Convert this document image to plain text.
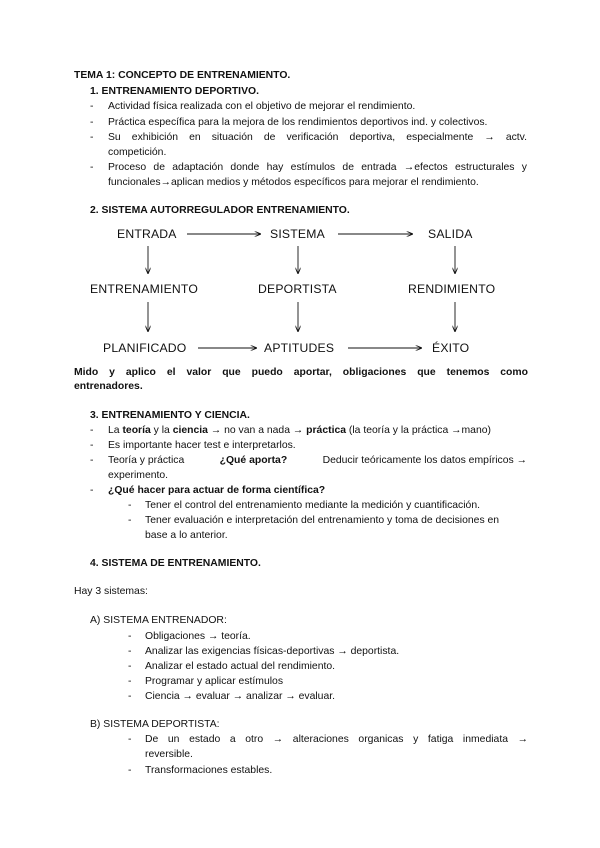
TEMA 1: CONCEPTO DE ENTRENAMIENTO.
1. ENTRENAMIENTO DEPORTIVO.
- Actividad física realizada con el objetivo de mejorar el rendimiento.
- Práctica específica para la mejora de los rendimientos deportivos ind. y colectivos.
- Su exhibición en situación de verificación deportiva, especialmente → actv.
competición.
- Proceso de adaptación donde hay estímulos de entrada →efectos estructurales y
funcionales→aplican medios y métodos específicos para mejorar el rendimiento.
2. SISTEMA AUTORREGULADOR ENTRENAMIENTO.
ENTRADA	SISTEMA	SALIDA
ENTRENAMIENTO	DEPORTISTA	RENDIMIENTO
PLANIFICADO	APTITUDES	ÉXITO
Mido y aplico el valor que puedo aportar, obligaciones que tenemos como
entrenadores.
3. ENTRENAMIENTO Y CIENCIA.
- La teoría y la ciencia → no van a nada → práctica (la teoría y la práctica →mano)
- Es importante hacer test e interpretarlos.
- Teoría y práctica	¿Qué aporta?	Deducir teóricamente los datos empíricos →
experimento.
- ¿Qué hacer para actuar de forma científica?
- Tener el control del entrenamiento mediante la medición y cuantificación.
- Tener evaluación e interpretación del entrenamiento y toma de decisiones en
base a lo anterior.
4. SISTEMA DE ENTRENAMIENTO.
Hay 3 sistemas:
A) SISTEMA ENTRENADOR:
- Obligaciones → teoría.
- Analizar las exigencias físicas-deportivas → deportista.
- Analizar el estado actual del rendimiento.
- Programar y aplicar estímulos
- Ciencia → evaluar → analizar → evaluar.
B) SISTEMA DEPORTISTA:
- De un estado a otro → alteraciones organicas y fatiga inmediata →
reversible.
- Transformaciones estables.
